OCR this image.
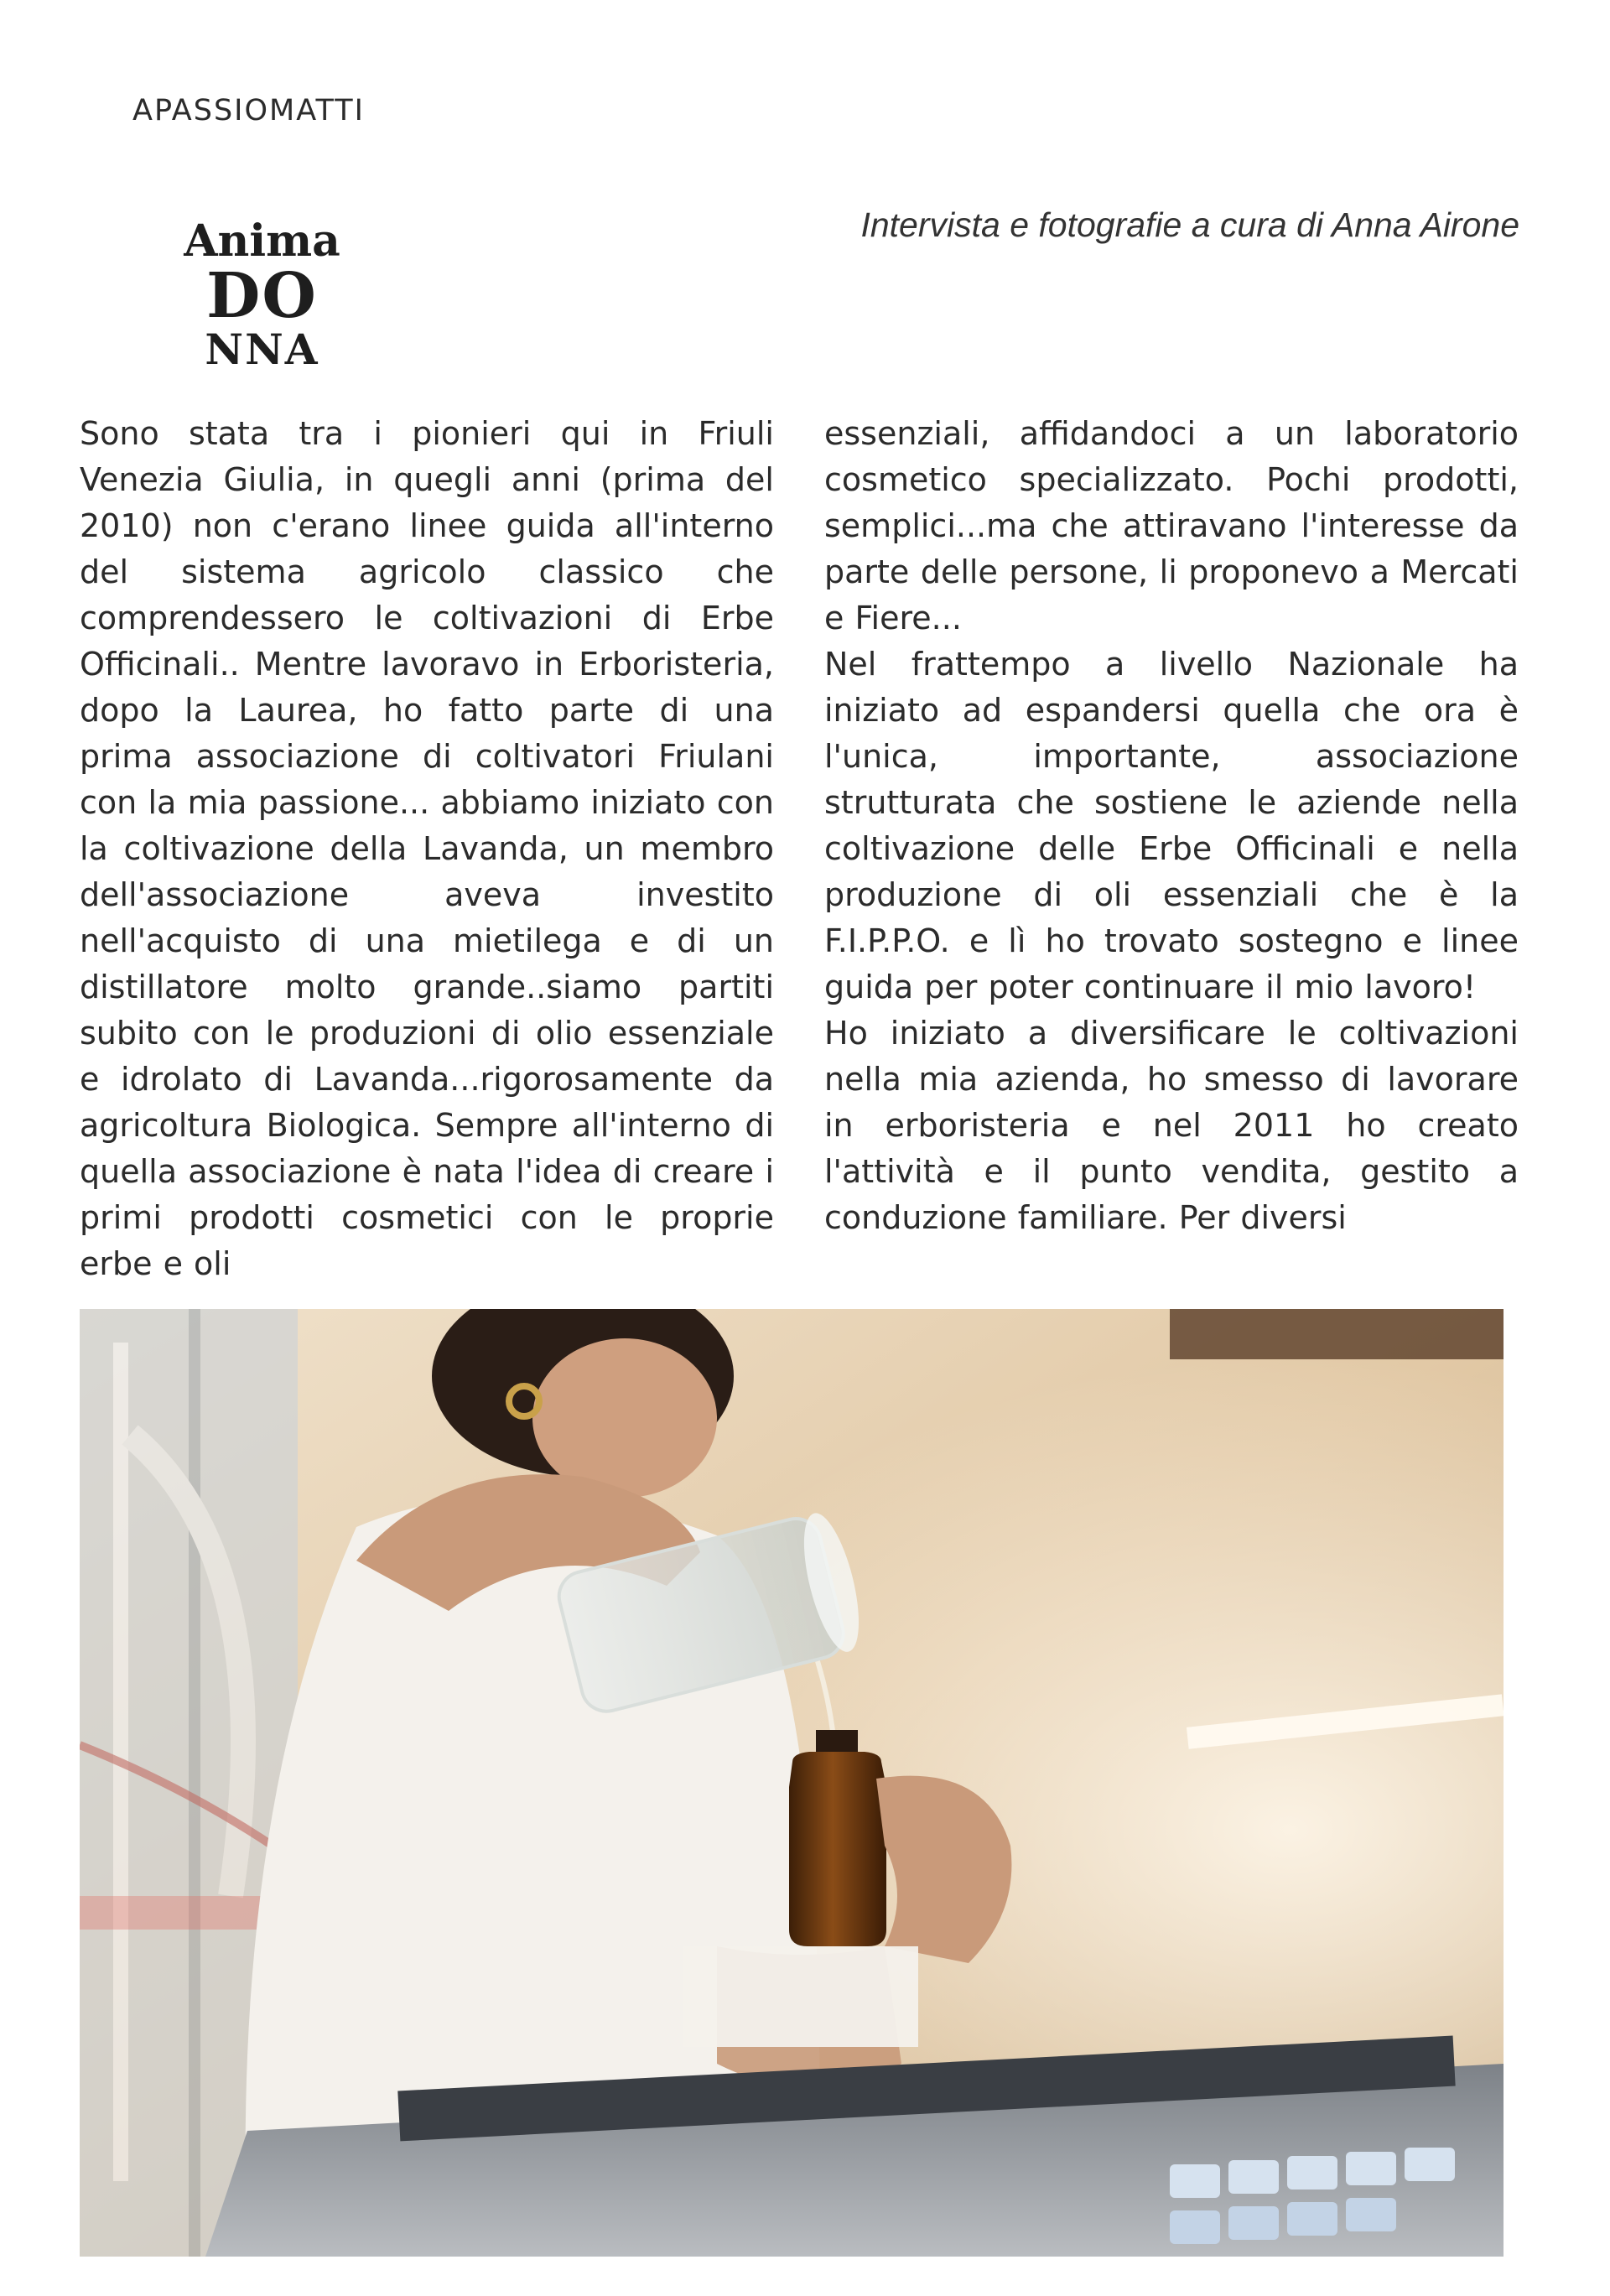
APASSIOMATTI

Intervista e fotografie a cura di Anna Airone

Anima
DO
NNA

Sono stata tra i pionieri qui in Friuli Venezia Giulia, in quegli anni (prima del 2010) non c'erano linee guida all'interno del sistema agricolo classico che comprendessero le coltivazioni di Erbe Officinali.. Mentre lavoravo in Erboristeria, dopo la Laurea, ho fatto parte di una prima associazione di coltivatori Friulani con la mia passione... abbiamo iniziato con la coltivazione della Lavanda, un membro dell'associazione aveva investito nell'acquisto di una mietilega e di un distillatore molto grande..siamo partiti subito con le produzioni di olio essenziale e idrolato di Lavanda...rigorosamente da agricoltura Biologica. Sempre all'interno di quella associazione è nata l'idea di creare i primi prodotti cosmetici con le proprie erbe e oli

essenziali, affidandoci a un laboratorio cosmetico specializzato. Pochi prodotti, semplici...ma che attiravano l'interesse da parte delle persone, li proponevo a Mercati e Fiere...

Nel frattempo a livello Nazionale ha iniziato ad espandersi quella che ora è l'unica, importante, associazione strutturata che sostiene le aziende nella coltivazione delle Erbe Officinali e nella produzione di oli essenziali che è la F.I.P.P.O. e lì ho trovato sostegno e linee guida per poter continuare il mio lavoro!

Ho iniziato a diversificare le coltivazioni nella mia azienda, ho smesso di lavorare in erboristeria e nel 2011 ho creato l'attività e il punto vendita, gestito a conduzione familiare. Per diversi
